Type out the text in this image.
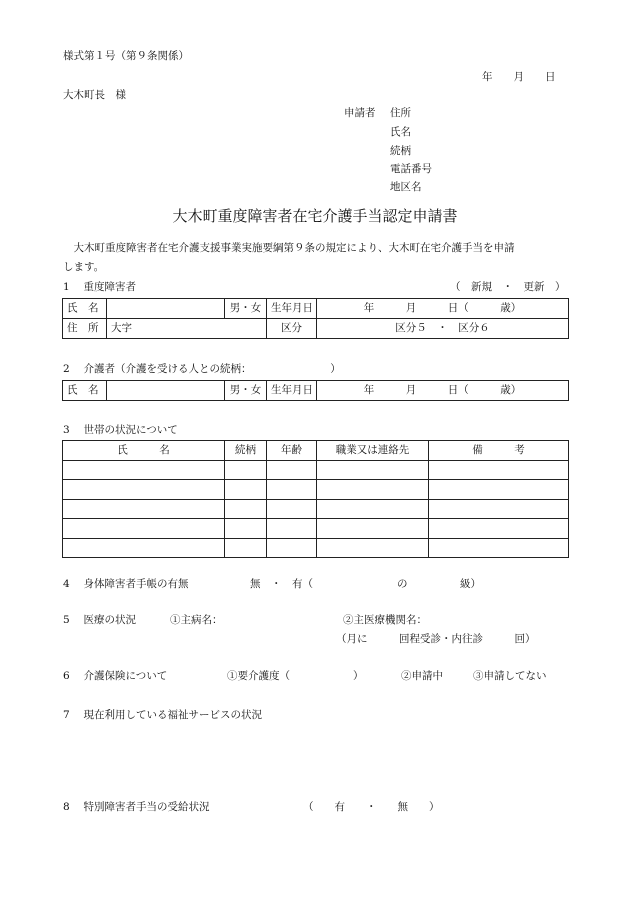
様式第１号（第９条関係）
年　　月　　日
大木町長　様
申請者 住所
氏名
続柄
電話番号
地区名
大木町重度障害者在宅介護手当認定申請書
　大木町重度障害者在宅介護支援事業実施要綱第９条の規定により、大木町在宅介護手当を申請
します。
1　 重度障害者	（　新規　・　更新　）
氏　名		男・女	生年月日	年　　　月　　　日（　　　歳）
住　所	大字		区分	区分５　・　区分６
2　 介護者（介護を受ける人との続柄：　　　　　　　　）
氏　名		男・女	生年月日	年　　　月　　　日（　　　歳）
3　 世帯の状況について
氏　　　名	続柄	年齢	職業又は連絡先	備　　　考

4　 身体障害者手帳の有無	無　・　有（　　　　　　　　の　　　　　級）
5　 医療の状況	①主病名：	②主医療機関名：
（月に　　　回程受診・内往診　　　回）
6　 介護保険について	①要介護度（　　　　　　）	②申請中	③申請してない
7　 現在利用している福祉サービスの状況
8　 特別障害者手当の受給状況	（　　有　　・　　無　　）
